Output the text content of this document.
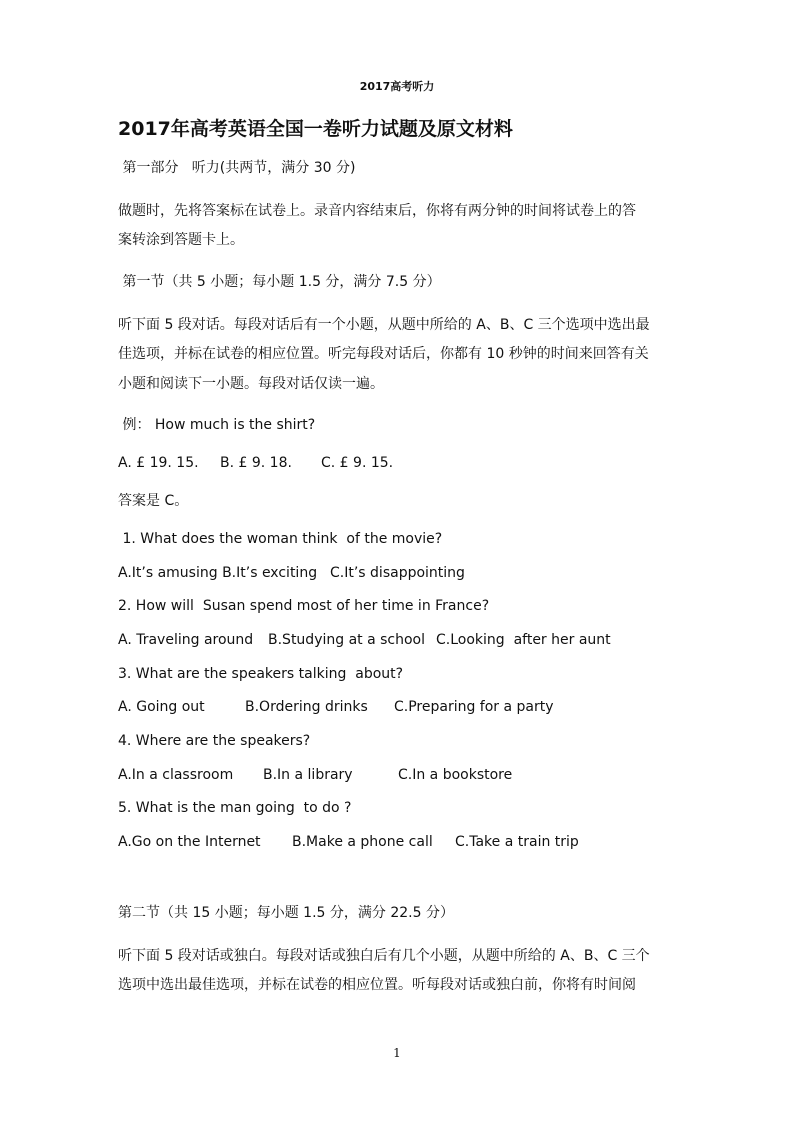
2017高考听力
2017年高考英语全国一卷听力试题及原文材料
第一部分   听力(共两节，满分 30 分)
做题时，先将答案标在试卷上。录音内容结束后，你将有两分钟的时间将试卷上的答
案转涂到答题卡上。
第一节（共 5 小题；每小题 1.5 分，满分 7.5 分）
听下面 5 段对话。每段对话后有一个小题，从题中所给的 A、B、C 三个选项中选出最
佳选项，并标在试卷的相应位置。听完每段对话后，你都有 10 秒钟的时间来回答有关
小题和阅读下一小题。每段对话仅读一遍。
例： How much is the shirt?
A. £ 19. 15. B. £ 9. 18. C. £ 9. 15.
答案是 C。
1. What does the woman think  of the movie?
A.It’s amusing B.It’s exciting C.It’s disappointing
2. How will  Susan spend most of her time in France?
A. Traveling around B.Studying at a school C.Looking  after her aunt
3. What are the speakers talking  about?
A. Going out	B.Ordering drinks C.Preparing for a party
4. Where are the speakers?
A.In a classroom B.In a library	C.In a bookstore
5. What is the man going  to do ?
A.Go on the Internet B.Make a phone call C.Take a train trip
第二节（共 15 小题；每小题 1.5 分，满分 22.5 分）
听下面 5 段对话或独白。每段对话或独白后有几个小题，从题中所给的 A、B、C 三个
选项中选出最佳选项，并标在试卷的相应位置。听每段对话或独白前，你将有时间阅
1
